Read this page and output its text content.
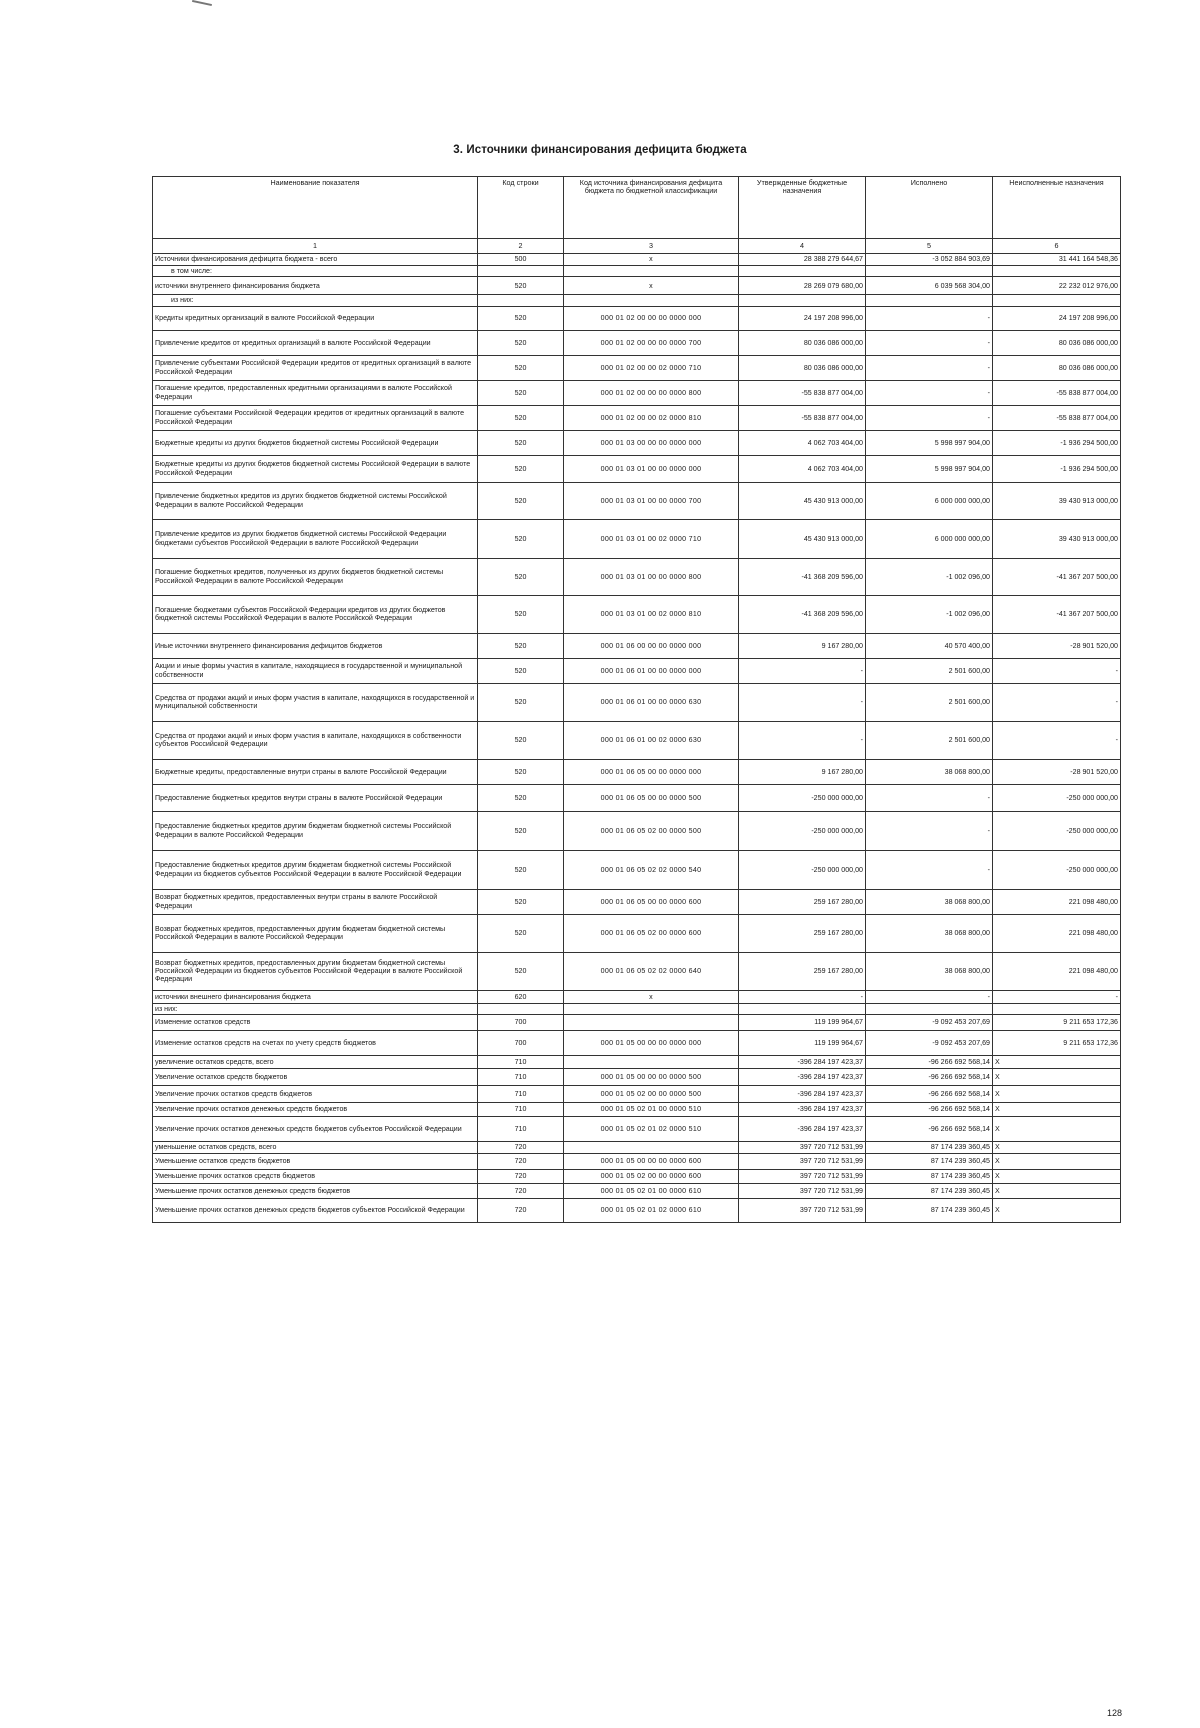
3. Источники финансирования дефицита бюджета
Наименование показателя	Код строки	Код источника финансирования дефицита бюджета по бюджетной классификации	Утвержденные бюджетные назначения	Исполнено	Неисполненные назначения
1	2	3	4	5	6
Источники финансирования дефицита бюджета - всего	500	x	28 388 279 644,67	-3 052 884 903,69	31 441 164 548,36
в том числе:					
источники внутреннего финансирования бюджета	520	x	28 269 079 680,00	6 039 568 304,00	22 232 012 976,00
из них:					
Кредиты кредитных организаций в валюте Российской Федерации	520	000 01 02 00 00 00 0000 000	24 197 208 996,00	-	24 197 208 996,00
Привлечение кредитов от кредитных организаций в валюте Российской Федерации	520	000 01 02 00 00 00 0000 700	80 036 086 000,00	-	80 036 086 000,00
Привлечение субъектами Российской Федерации кредитов от кредитных организаций в валюте Российской Федерации	520	000 01 02 00 00 02 0000 710	80 036 086 000,00	-	80 036 086 000,00
Погашение кредитов, предоставленных кредитными организациями в валюте Российской Федерации	520	000 01 02 00 00 00 0000 800	-55 838 877 004,00	-	-55 838 877 004,00
Погашение субъектами Российской Федерации кредитов от кредитных организаций в валюте Российской Федерации	520	000 01 02 00 00 02 0000 810	-55 838 877 004,00	-	-55 838 877 004,00
Бюджетные кредиты из других бюджетов бюджетной системы Российской Федерации	520	000 01 03 00 00 00 0000 000	4 062 703 404,00	5 998 997 904,00	-1 936 294 500,00
Бюджетные кредиты из других бюджетов бюджетной системы Российской Федерации в валюте Российской Федерации	520	000 01 03 01 00 00 0000 000	4 062 703 404,00	5 998 997 904,00	-1 936 294 500,00
Привлечение бюджетных кредитов из других бюджетов бюджетной системы Российской Федерации в валюте Российской Федерации	520	000 01 03 01 00 00 0000 700	45 430 913 000,00	6 000 000 000,00	39 430 913 000,00
Привлечение кредитов из других бюджетов бюджетной системы Российской Федерации бюджетами субъектов Российской Федерации в валюте Российской Федерации	520	000 01 03 01 00 02 0000 710	45 430 913 000,00	6 000 000 000,00	39 430 913 000,00
Погашение бюджетных кредитов, полученных из других бюджетов бюджетной системы Российской Федерации в валюте Российской Федерации	520	000 01 03 01 00 00 0000 800	-41 368 209 596,00	-1 002 096,00	-41 367 207 500,00
Погашение бюджетами субъектов Российской Федерации кредитов из других бюджетов бюджетной системы Российской Федерации в валюте Российской Федерации	520	000 01 03 01 00 02 0000 810	-41 368 209 596,00	-1 002 096,00	-41 367 207 500,00
Иные источники внутреннего финансирования дефицитов бюджетов	520	000 01 06 00 00 00 0000 000	9 167 280,00	40 570 400,00	-28 901 520,00
Акции и иные формы участия в капитале, находящиеся в государственной и муниципальной собственности	520	000 01 06 01 00 00 0000 000	-	2 501 600,00	-
Средства от продажи акций и иных форм участия в капитале, находящихся в государственной и муниципальной собственности	520	000 01 06 01 00 00 0000 630	-	2 501 600,00	-
Средства от продажи акций и иных форм участия в капитале, находящихся в собственности субъектов Российской Федерации	520	000 01 06 01 00 02 0000 630	-	2 501 600,00	-
Бюджетные кредиты, предоставленные внутри страны в валюте Российской Федерации	520	000 01 06 05 00 00 0000 000	9 167 280,00	38 068 800,00	-28 901 520,00
Предоставление бюджетных кредитов внутри страны в валюте Российской Федерации	520	000 01 06 05 00 00 0000 500	-250 000 000,00	-	-250 000 000,00
Предоставление бюджетных кредитов другим бюджетам бюджетной системы Российской Федерации в валюте Российской Федерации	520	000 01 06 05 02 00 0000 500	-250 000 000,00	-	-250 000 000,00
Предоставление бюджетных кредитов другим бюджетам бюджетной системы Российской Федерации из бюджетов субъектов Российской Федерации в валюте Российской Федерации	520	000 01 06 05 02 02 0000 540	-250 000 000,00	-	-250 000 000,00
Возврат бюджетных кредитов, предоставленных внутри страны в валюте Российской Федерации	520	000 01 06 05 00 00 0000 600	259 167 280,00	38 068 800,00	221 098 480,00
Возврат бюджетных кредитов, предоставленных другим бюджетам бюджетной системы Российской Федерации в валюте Российской Федерации	520	000 01 06 05 02 00 0000 600	259 167 280,00	38 068 800,00	221 098 480,00
Возврат бюджетных кредитов, предоставленных другим бюджетам бюджетной системы Российской Федерации из бюджетов субъектов Российской Федерации в валюте Российской Федерации	520	000 01 06 05 02 02 0000 640	259 167 280,00	38 068 800,00	221 098 480,00
источники внешнего финансирования бюджета	620	x	-	-	-
из них:					
Изменение остатков средств	700		119 199 964,67	-9 092 453 207,69	9 211 653 172,36
Изменение остатков средств на счетах по учету средств бюджетов	700	000 01 05 00 00 00 0000 000	119 199 964,67	-9 092 453 207,69	9 211 653 172,36
увеличение остатков средств, всего	710		-396 284 197 423,37	-96 266 692 568,14	X
Увеличение остатков средств бюджетов	710	000 01 05 00 00 00 0000 500	-396 284 197 423,37	-96 266 692 568,14	X
Увеличение прочих остатков средств бюджетов	710	000 01 05 02 00 00 0000 500	-396 284 197 423,37	-96 266 692 568,14	X
Увеличение прочих остатков денежных средств бюджетов	710	000 01 05 02 01 00 0000 510	-396 284 197 423,37	-96 266 692 568,14	X
Увеличение прочих остатков денежных средств бюджетов субъектов Российской Федерации	710	000 01 05 02 01 02 0000 510	-396 284 197 423,37	-96 266 692 568,14	X
уменьшение остатков средств, всего	720		397 720 712 531,99	87 174 239 360,45	X
Уменьшение остатков средств бюджетов	720	000 01 05 00 00 00 0000 600	397 720 712 531,99	87 174 239 360,45	X
Уменьшение прочих остатков средств бюджетов	720	000 01 05 02 00 00 0000 600	397 720 712 531,99	87 174 239 360,45	X
Уменьшение прочих остатков денежных средств бюджетов	720	000 01 05 02 01 00 0000 610	397 720 712 531,99	87 174 239 360,45	X
Уменьшение прочих остатков денежных средств бюджетов субъектов Российской Федерации	720	000 01 05 02 01 02 0000 610	397 720 712 531,99	87 174 239 360,45	X
128
